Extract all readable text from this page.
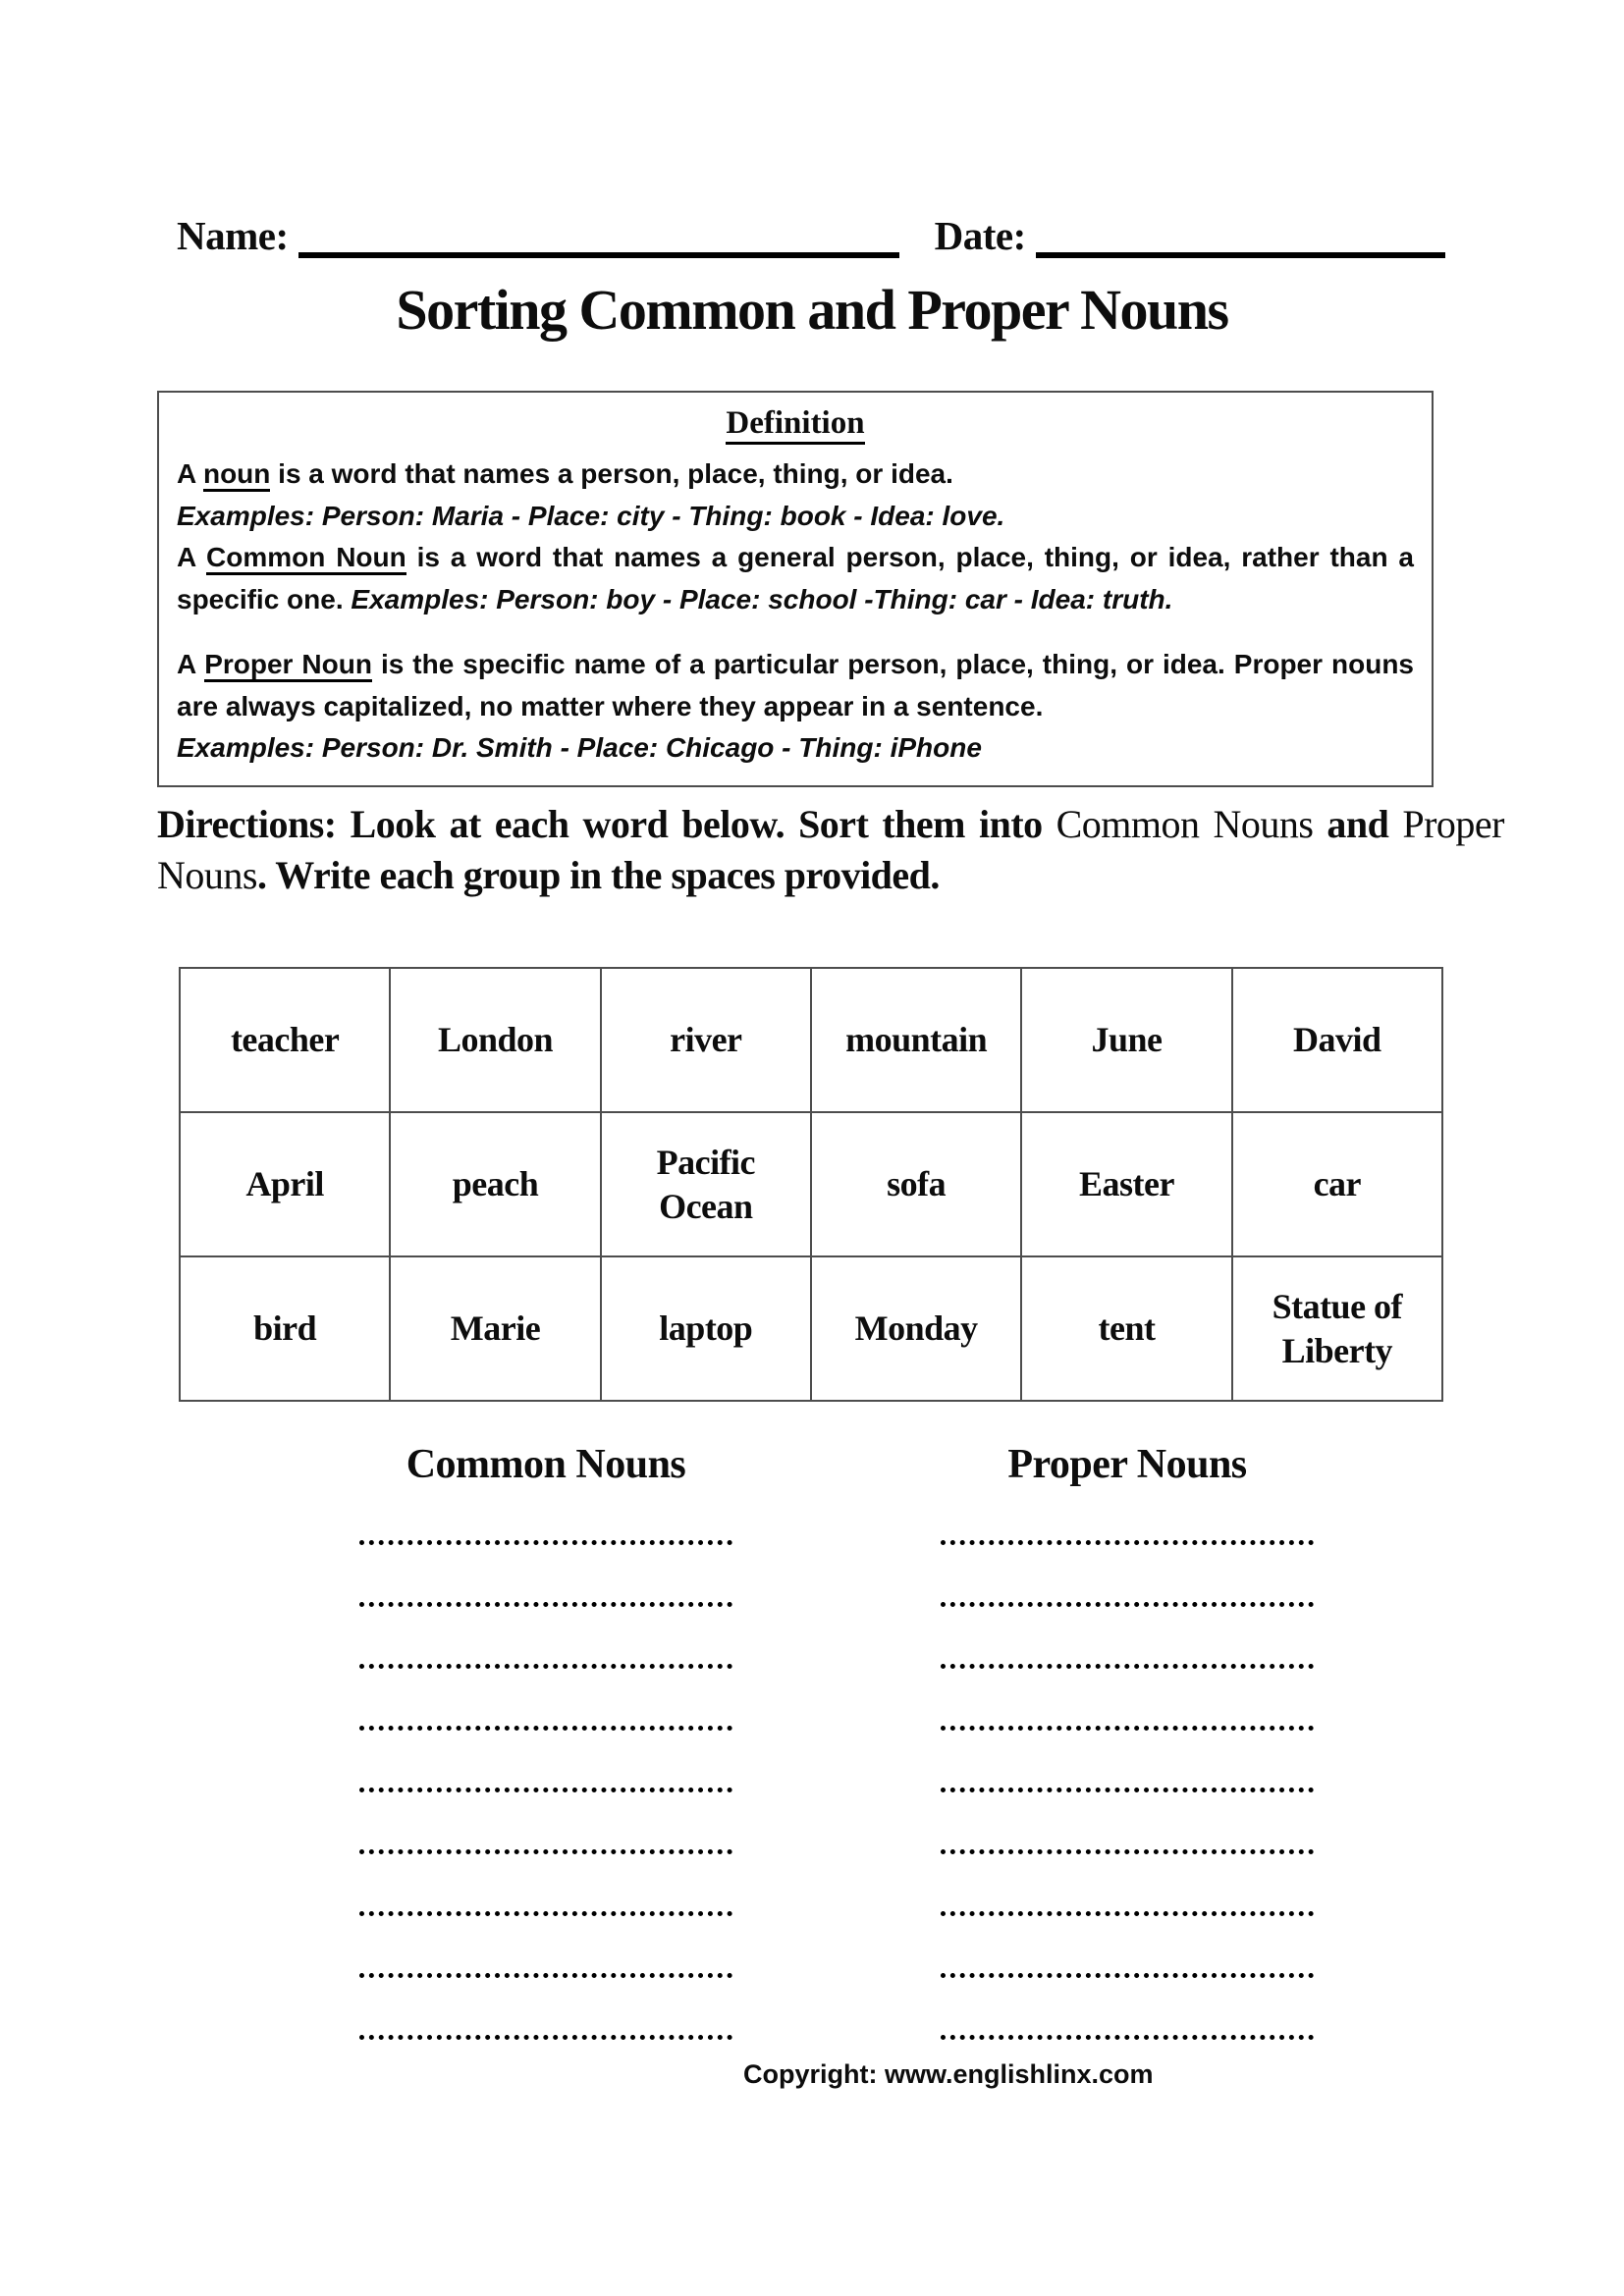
Name:	Date:
Sorting Common and Proper Nouns
Definition

A noun is a word that names a person, place, thing, or idea.

Examples: Person: Maria - Place: city - Thing: book - Idea: love.

A Common Noun is a word that names a general person, place, thing, or idea, rather than a specific one. Examples: Person: boy - Place: school -Thing: car - Idea: truth.

A Proper Noun is the specific name of a particular person, place, thing, or idea. Proper nouns are always capitalized, no matter where they appear in a sentence.

Examples: Person: Dr. Smith - Place: Chicago - Thing: iPhone

Directions: Look at each word below. Sort them into Common Nouns and Proper Nouns. Write each group in the spaces provided.
teacher	London	river	mountain	June	David
April	peach	Pacific Ocean	sofa	Easter	car
bird	Marie	laptop	Monday	tent	Statue of Liberty
Common Nouns	Proper Nouns
Copyright: www.englishlinx.com
